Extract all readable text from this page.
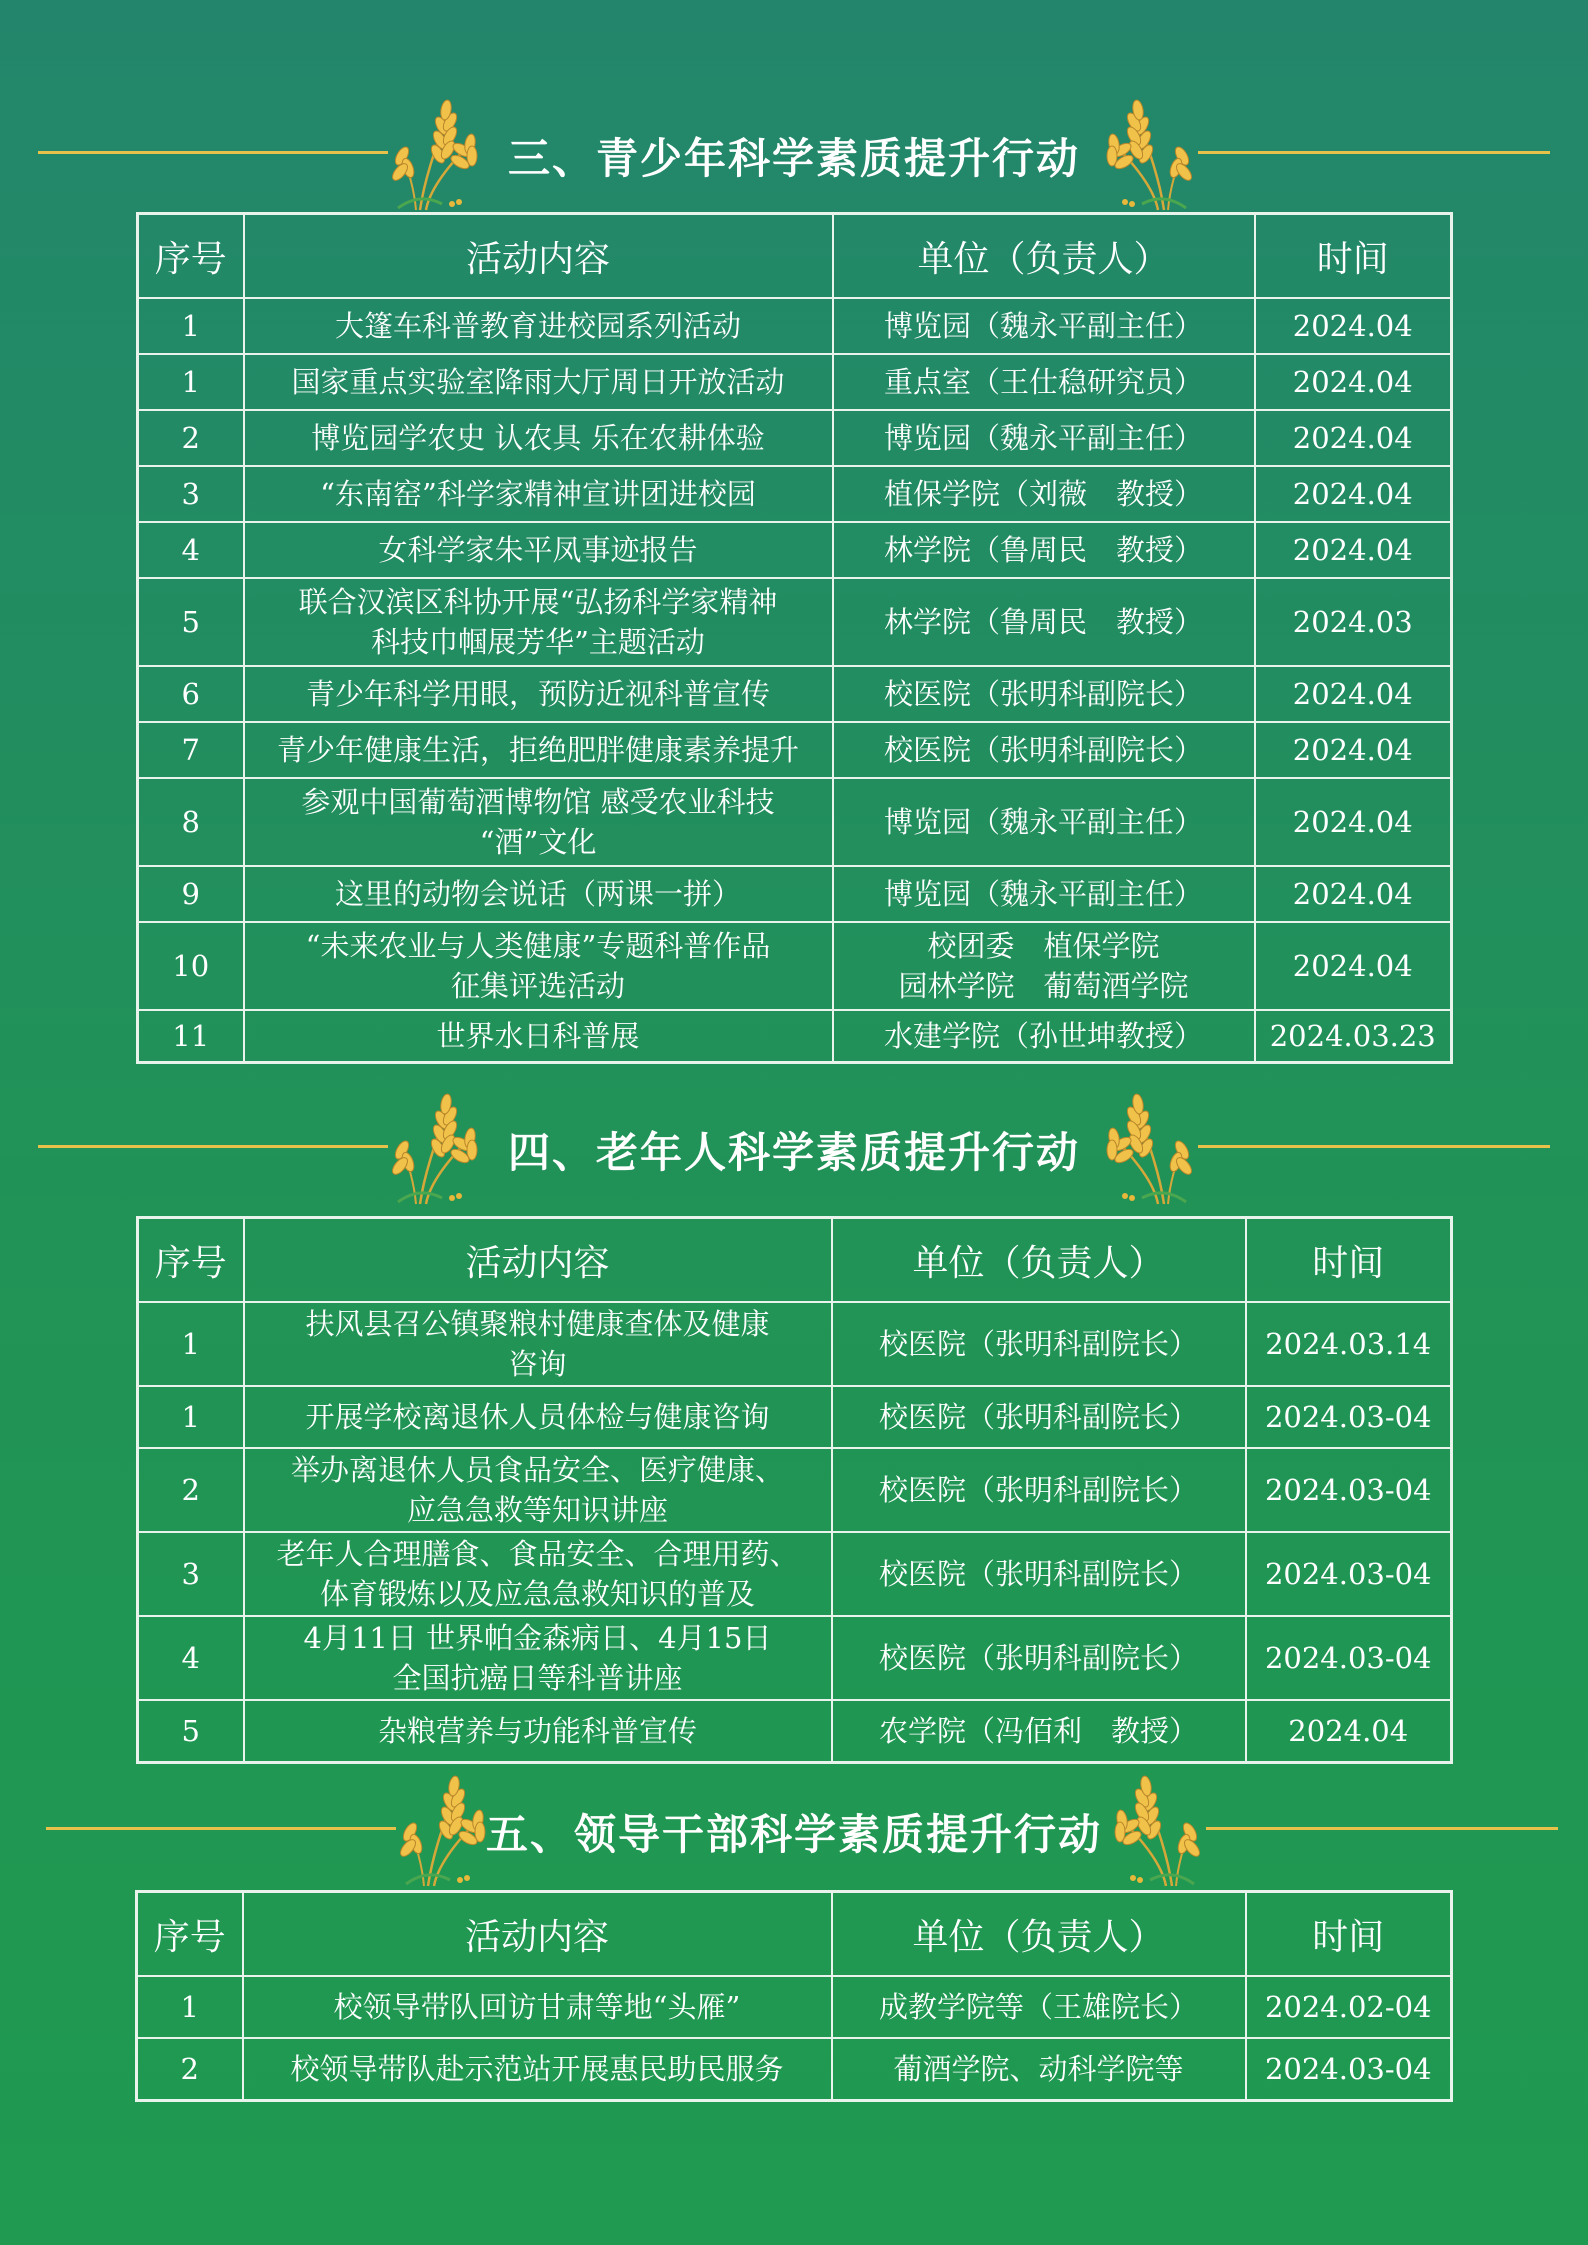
三、青少年科学素质提升行动
序号	活动内容	单位（负责人）	时间
1	大篷车科普教育进校园系列活动	博览园（魏永平副主任）	2024.04
1	国家重点实验室降雨大厅周日开放活动	重点室（王仕稳研究员）	2024.04
2	博览园学农史 认农具 乐在农耕体验	博览园（魏永平副主任）	2024.04
3	“东南窑”科学家精神宣讲团进校园	植保学院（刘薇　教授）	2024.04
4	女科学家朱平凤事迹报告	林学院（鲁周民　教授）	2024.04
5	联合汉滨区科协开展“弘扬科学家精神
科技巾帼展芳华”主题活动	林学院（鲁周民　教授）	2024.03
6	青少年科学用眼，预防近视科普宣传	校医院（张明科副院长）	2024.04
7	青少年健康生活，拒绝肥胖健康素养提升	校医院（张明科副院长）	2024.04
8	参观中国葡萄酒博物馆 感受农业科技
“酒”文化	博览园（魏永平副主任）	2024.04
9	这里的动物会说话（两课一拼）	博览园（魏永平副主任）	2024.04
10	“未来农业与人类健康”专题科普作品
征集评选活动	校团委　植保学院
园林学院　葡萄酒学院	2024.04
11	世界水日科普展	水建学院（孙世坤教授）	2024.03.23
四、老年人科学素质提升行动
序号	活动内容	单位（负责人）	时间
1	扶风县召公镇聚粮村健康查体及健康
咨询	校医院（张明科副院长）	2024.03.14
1	开展学校离退休人员体检与健康咨询	校医院（张明科副院长）	2024.03-04
2	举办离退休人员食品安全、医疗健康、
应急急救等知识讲座	校医院（张明科副院长）	2024.03-04
3	老年人合理膳食、食品安全、合理用药、
体育锻炼以及应急急救知识的普及	校医院（张明科副院长）	2024.03-04
4	4月11日 世界帕金森病日、4月15日
全国抗癌日等科普讲座	校医院（张明科副院长）	2024.03-04
5	杂粮营养与功能科普宣传	农学院（冯佰利　教授）	2024.04
五、领导干部科学素质提升行动
序号	活动内容	单位（负责人）	时间
1	校领导带队回访甘肃等地“头雁”	成教学院等（王雄院长）	2024.02-04
2	校领导带队赴示范站开展惠民助民服务	葡酒学院、动科学院等	2024.03-04
